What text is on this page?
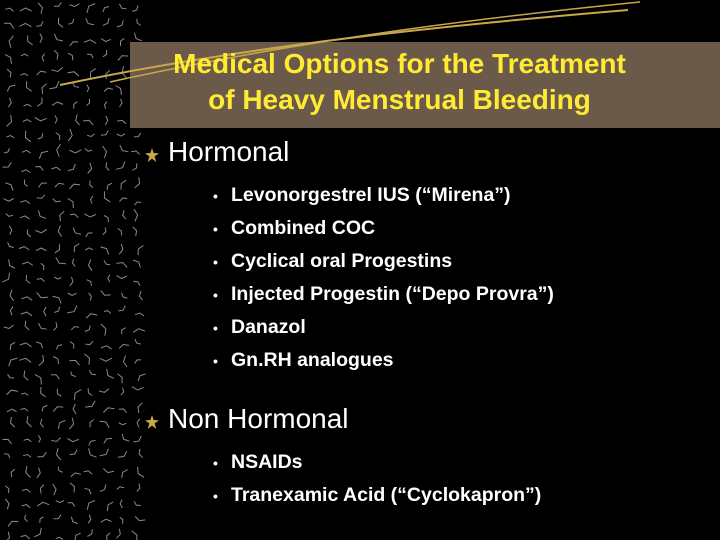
Medical Options for the Treatment
of Heavy Menstrual Bleeding
Hormonal
• Levonorgestrel IUS (“Mirena”)
• Combined COC
• Cyclical oral Progestins
• Injected Progestin (“Depo Provra”)
• Danazol
• Gn.RH analogues
Non Hormonal
• NSAIDs
• Tranexamic Acid (“Cyclokapron”)
